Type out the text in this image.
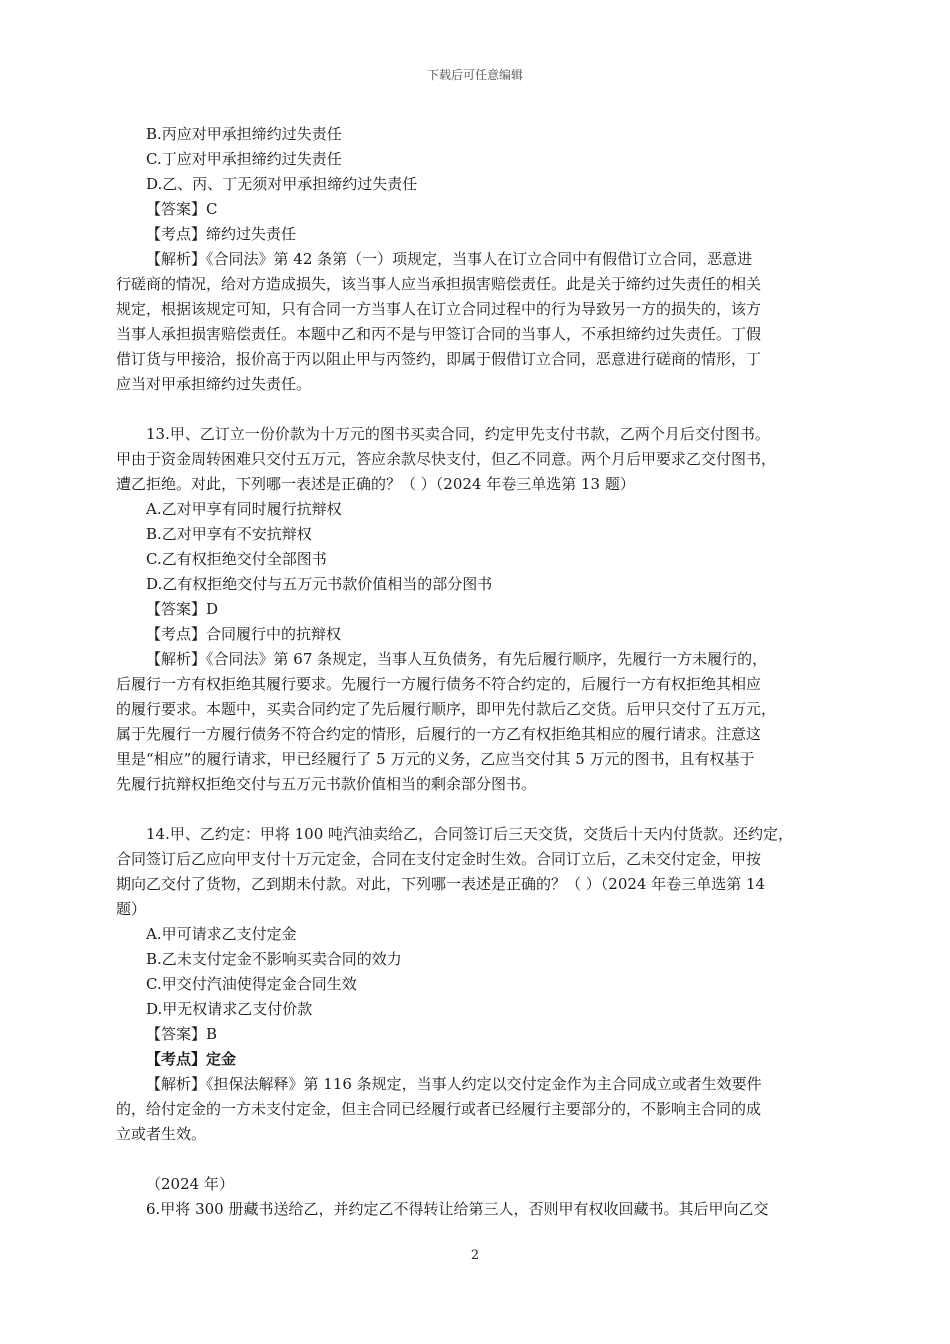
下载后可任意编辑

B.丙应对甲承担缔约过失责任

C.丁应对甲承担缔约过失责任

D.乙、丙、丁无须对甲承担缔约过失责任

【答案】C

【考点】缔约过失责任

【解析】《合同法》第 42 条第（一）项规定，当事人在订立合同中有假借订立合同，恶意进

行磋商的情况，给对方造成损失，该当事人应当承担损害赔偿责任。此是关于缔约过失责任的相关

规定，根据该规定可知，只有合同一方当事人在订立合同过程中的行为导致另一方的损失的，该方

当事人承担损害赔偿责任。本题中乙和丙不是与甲签订合同的当事人，不承担缔约过失责任。丁假

借订货与甲接洽，报价高于丙以阻止甲与丙签约，即属于假借订立合同，恶意进行磋商的情形，丁

应当对甲承担缔约过失责任。

13.甲、乙订立一份价款为十万元的图书买卖合同，约定甲先支付书款，乙两个月后交付图书。

甲由于资金周转困难只交付五万元，答应余款尽快支付，但乙不同意。两个月后甲要求乙交付图书，

遭乙拒绝。对此，下列哪一表述是正确的？（ ）（2024 年卷三单选第 13 题）

A.乙对甲享有同时履行抗辩权

B.乙对甲享有不安抗辩权

C.乙有权拒绝交付全部图书

D.乙有权拒绝交付与五万元书款价值相当的部分图书

【答案】D

【考点】合同履行中的抗辩权

【解析】《合同法》第 67 条规定，当事人互负债务，有先后履行顺序，先履行一方未履行的，

后履行一方有权拒绝其履行要求。先履行一方履行债务不符合约定的，后履行一方有权拒绝其相应

的履行要求。本题中，买卖合同约定了先后履行顺序，即甲先付款后乙交货。后甲只交付了五万元，

属于先履行一方履行债务不符合约定的情形，后履行的一方乙有权拒绝其相应的履行请求。注意这

里是“相应”的履行请求，甲已经履行了 5 万元的义务，乙应当交付其 5 万元的图书，且有权基于

先履行抗辩权拒绝交付与五万元书款价值相当的剩余部分图书。

14.甲、乙约定：甲将 100 吨汽油卖给乙，合同签订后三天交货，交货后十天内付货款。还约定，

合同签订后乙应向甲支付十万元定金，合同在支付定金时生效。合同订立后，乙未交付定金，甲按

期向乙交付了货物，乙到期未付款。对此，下列哪一表述是正确的？（ ）（2024 年卷三单选第 14

题）

A.甲可请求乙支付定金

B.乙未支付定金不影响买卖合同的效力

C.甲交付汽油使得定金合同生效

D.甲无权请求乙支付价款

【答案】B

【考点】定金

【解析】《担保法解释》第 116 条规定，当事人约定以交付定金作为主合同成立或者生效要件

的，给付定金的一方未支付定金，但主合同已经履行或者已经履行主要部分的，不影响主合同的成

立或者生效。

（2024 年）

6.甲将 300 册藏书送给乙，并约定乙不得转让给第三人，否则甲有权收回藏书。其后甲向乙交

2
